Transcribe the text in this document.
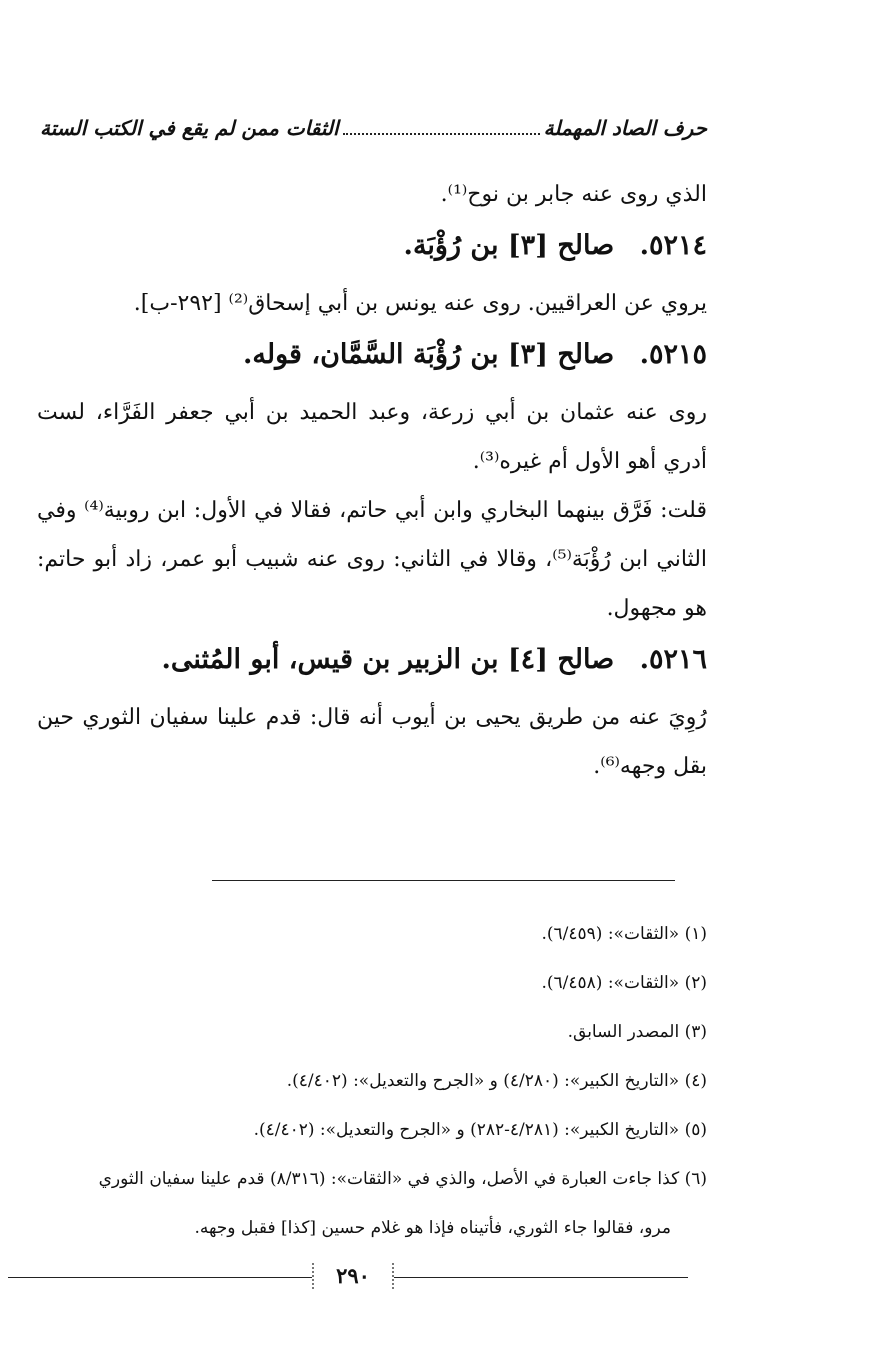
حرف الصاد المهملة
الثقات ممن لم يقع في الكتب الستة

الذي روى عنه جابر بن نوح⁽¹⁾.

٥٢١٤. صالح [٣] بن رُؤْبَة.

يروي عن العراقيين. روى عنه يونس بن أبي إسحاق⁽²⁾ [٢٩٢-ب].

٥٢١٥. صالح [٣] بن رُؤْبَة السَّمَّان، قوله.

روى عنه عثمان بن أبي زرعة، وعبد الحميد بن أبي جعفر الفَرَّاء، لست أدري أهو الأول أم غيره⁽³⁾.

قلت: فَرَّق بينهما البخاري وابن أبي حاتم، فقالا في الأول: ابن روبية⁽⁴⁾ وفي الثاني ابن رُؤْبَة⁽⁵⁾، وقالا في الثاني: روى عنه شبيب أبو عمر، زاد أبو حاتم: هو مجهول.

٥٢١٦. صالح [٤] بن الزبير بن قيس، أبو المُثنى.

رُوِيَ عنه من طريق يحيى بن أيوب أنه قال: قدم علينا سفيان الثوري حين بقل وجهه⁽⁶⁾.

(١) «الثقات»: (٦/٤٥٩).

(٢) «الثقات»: (٦/٤٥٨).

(٣) المصدر السابق.

(٤) «التاريخ الكبير»: (٤/٢٨٠) و «الجرح والتعديل»: (٤/٤٠٢).

(٥) «التاريخ الكبير»: (٤/٢٨١-٢٨٢) و «الجرح والتعديل»: (٤/٤٠٢).

(٦) كذا جاءت العبارة في الأصل، والذي في «الثقات»: (٨/٣١٦) قدم علينا سفيان الثوري

مرو، فقالوا جاء الثوري، فأتيناه فإذا هو غلام حسين [كذا] فقبل وجهه.

٢٩٠
